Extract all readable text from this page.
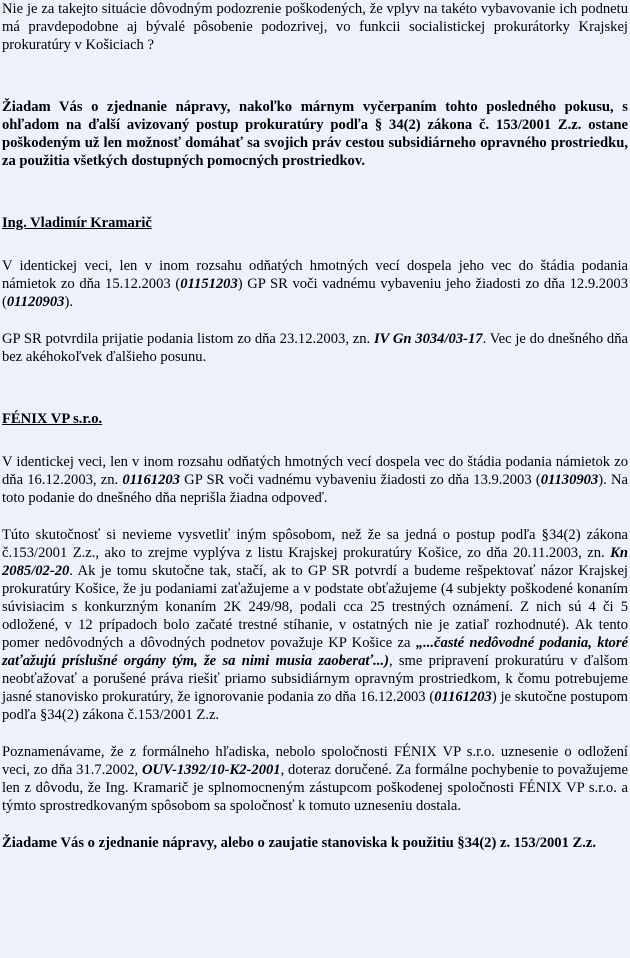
Nie je za takejto situácie dôvodným podozrenie poškodených, že vplyv na takéto vybavovanie ich podnetu má pravdepodobne aj bývalé pôsobenie podozrivej, vo funkcii socialistickej prokurátorky Krajskej prokuratúry v Košiciach ?

Žiadam Vás o zjednanie nápravy, nakoľko márnym vyčerpaním tohto posledného pokusu, s ohľadom na ďalší avizovaný postup prokuratúry podľa § 34(2) zákona č. 153/2001 Z.z. ostane poškodeným už len možnosť domáhať sa svojich práv cestou subsidiárneho opravného prostriedku, za použitia všetkých dostupných pomocných prostriedkov.

Ing. Vladimír Kramarič

V identickej veci, len v inom rozsahu odňatých hmotných vecí dospela jeho vec do štádia podania námietok zo dňa 15.12.2003 (01151203) GP SR voči vadnému vybaveniu jeho žiadosti zo dňa 12.9.2003 (01120903).

GP SR potvrdila prijatie podania listom zo dňa 23.12.2003, zn. IV Gn 3034/03-17. Vec je do dnešného dňa bez akéhokoľvek ďalšieho posunu.

FÉNIX VP s.r.o.

V identickej veci, len v inom rozsahu odňatých hmotných vecí dospela vec do štádia podania námietok zo dňa 16.12.2003, zn. 01161203 GP SR voči vadnému vybaveniu žiadosti zo dňa 13.9.2003 (01130903). Na toto podanie do dnešného dňa neprišla žiadna odpoveď.

Túto skutočnosť si nevieme vysvetliť iným spôsobom, než že sa jedná o postup podľa §34(2) zákona č.153/2001 Z.z., ako to zrejme vyplýva z listu Krajskej prokuratúry Košice, zo dňa 20.11.2003, zn. Kn 2085/02-20. Ak je tomu skutočne tak, stačí, ak to GP SR potvrdí a budeme rešpektovať názor Krajskej prokuratúry Košice, že ju podaniami zaťažujeme a v podstate obťažujeme (4 subjekty poškodené konaním súvisiacim s konkurzným konaním 2K 249/98, podali cca 25 trestných oznámení. Z nich sú 4 či 5 odložené, v 12 prípadoch bolo začaté trestné stíhanie, v ostatných nie je zatiaľ rozhodnuté). Ak tento pomer nedôvodných a dôvodných podnetov považuje KP Košice za „...časté nedôvodné podania, ktoré zaťažujú príslušné orgány tým, že sa nimi musia zaoberať...), sme pripravení prokuratúru v ďalšom neobťažovať a porušené práva riešiť priamo subsidiárnym opravným prostriedkom, k čomu potrebujeme jasné stanovisko prokuratúry, že ignorovanie podania zo dňa 16.12.2003 (01161203) je skutočne postupom podľa §34(2) zákona č.153/2001 Z.z.

Poznamenávame, že z formálneho hľadiska, nebolo spoločnosti FÉNIX VP s.r.o. uznesenie o odložení veci, zo dňa 31.7.2002, OUV-1392/10-K2-2001, doteraz doručené. Za formálne pochybenie to považujeme len z dôvodu, že Ing. Kramarič je splnomocneným zástupcom poškodenej spoločnosti FÉNIX VP s.r.o. a týmto sprostredkovaným spôsobom sa spoločnosť k tomuto uzneseniu dostala.

Žiadame Vás o zjednanie nápravy, alebo o zaujatie stanoviska k použitiu §34(2) z. 153/2001 Z.z.
